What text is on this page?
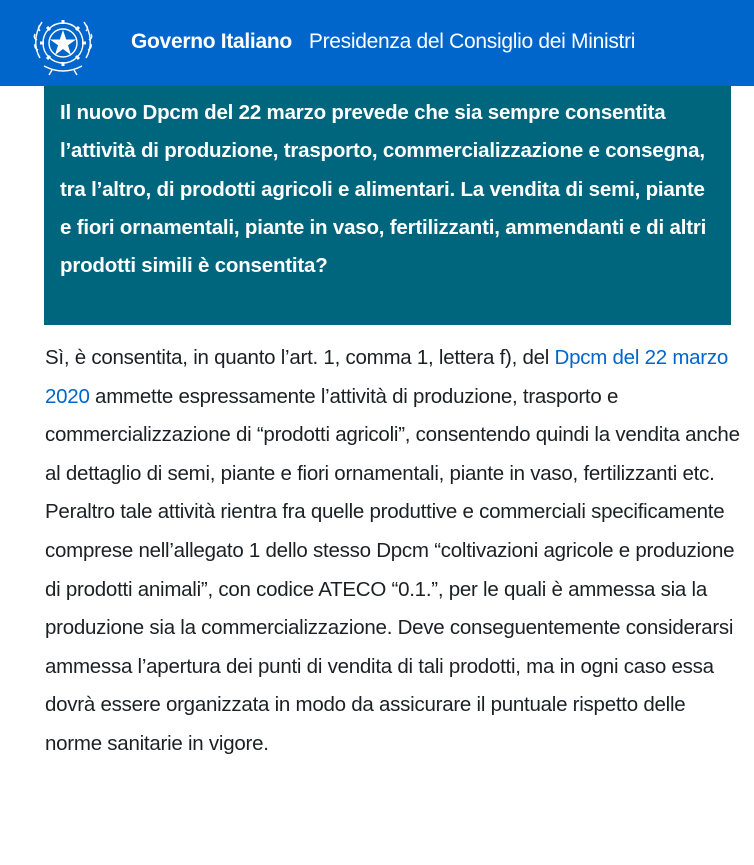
Governo Italiano Presidenza del Consiglio dei Ministri
Il nuovo Dpcm del 22 marzo prevede che sia sempre consentita l’attività di produzione, trasporto, commercializzazione e consegna, tra l’altro, di prodotti agricoli e alimentari. La vendita di semi, piante e fiori ornamentali, piante in vaso, fertilizzanti, ammendanti e di altri prodotti simili è consentita?

Sì, è consentita, in quanto l’art. 1, comma 1, lettera f), del Dpcm del 22 marzo 2020 ammette espressamente l’attività di produzione, trasporto e commercializzazione di “prodotti agricoli”, consentendo quindi la vendita anche al dettaglio di semi, piante e fiori ornamentali, piante in vaso, fertilizzanti etc. Peraltro tale attività rientra fra quelle produttive e commerciali specificamente comprese nell’allegato 1 dello stesso Dpcm “coltivazioni agricole e produzione di prodotti animali”, con codice ATECO “0.1.”, per le quali è ammessa sia la produzione sia la commercializzazione. Deve conseguentemente considerarsi ammessa l’apertura dei punti di vendita di tali prodotti, ma in ogni caso essa dovrà essere organizzata in modo da assicurare il puntuale rispetto delle norme sanitarie in vigore.
